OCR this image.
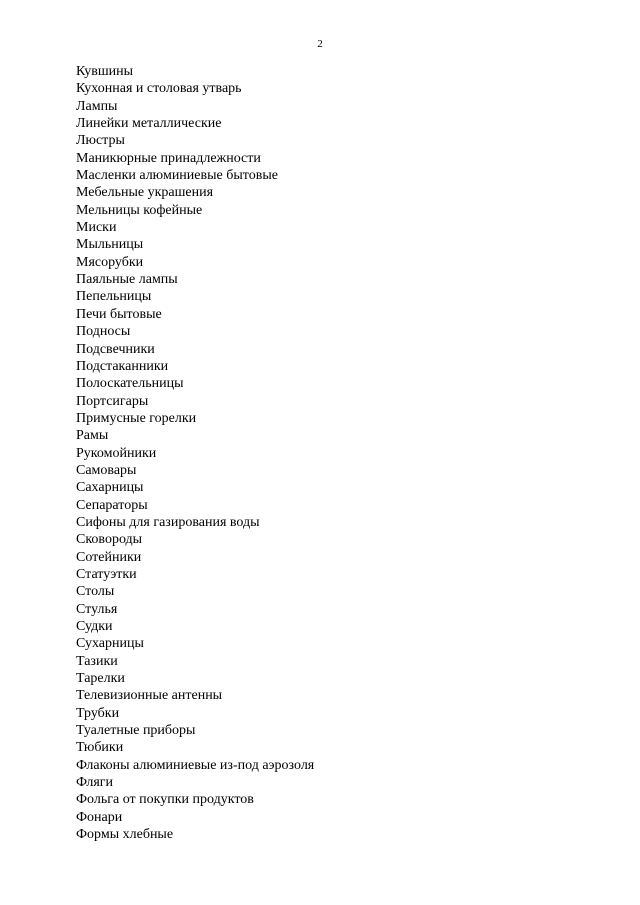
2
Кувшины
Кухонная и столовая утварь
Лампы
Линейки металлические
Люстры
Маникюрные принадлежности
Масленки алюминиевые бытовые
Мебельные украшения
Мельницы кофейные
Миски
Мыльницы
Мясорубки
Паяльные лампы
Пепельницы
Печи бытовые
Подносы
Подсвечники
Подстаканники
Полоскательницы
Портсигары
Примусные горелки
Рамы
Рукомойники
Самовары
Сахарницы
Сепараторы
Сифоны для газирования воды
Сковороды
Сотейники
Статуэтки
Столы
Стулья
Судки
Сухарницы
Тазики
Тарелки
Телевизионные антенны
Трубки
Туалетные приборы
Тюбики
Флаконы алюминиевые из-под аэрозоля
Фляги
Фольга от покупки продуктов
Фонари
Формы хлебные
